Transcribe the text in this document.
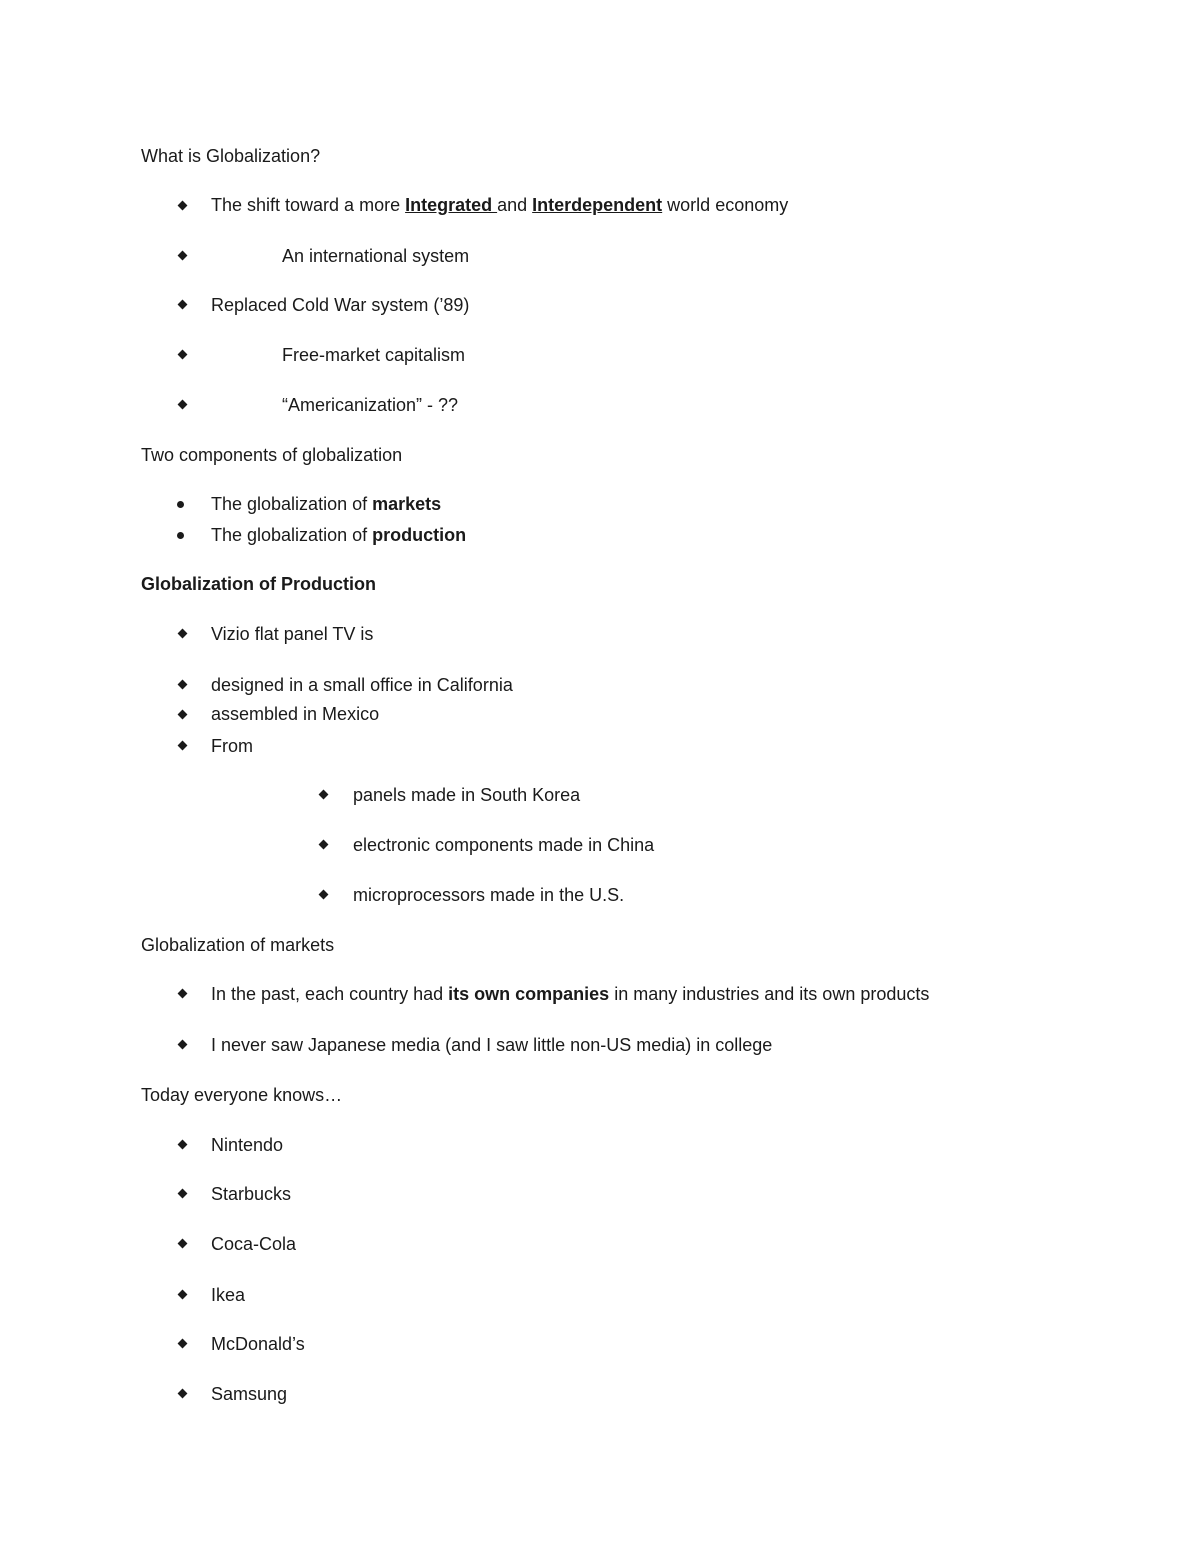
What is Globalization?
The shift toward a more Integrated and Interdependent world economy
An international system
Replaced Cold War system (’89)
Free-market capitalism
“Americanization” - ??
Two components of globalization
The globalization of markets
The globalization of production
Globalization of Production
Vizio flat panel TV is
designed in a small office in California
assembled in Mexico
From
panels made in South Korea
electronic components made in China
microprocessors made in the U.S.
Globalization of markets
In the past, each country had its own companies in many industries and its own products
I never saw Japanese media (and I saw little non-US media) in college
Today everyone knows…
Nintendo
Starbucks
Coca-Cola
Ikea
McDonald’s
Samsung
